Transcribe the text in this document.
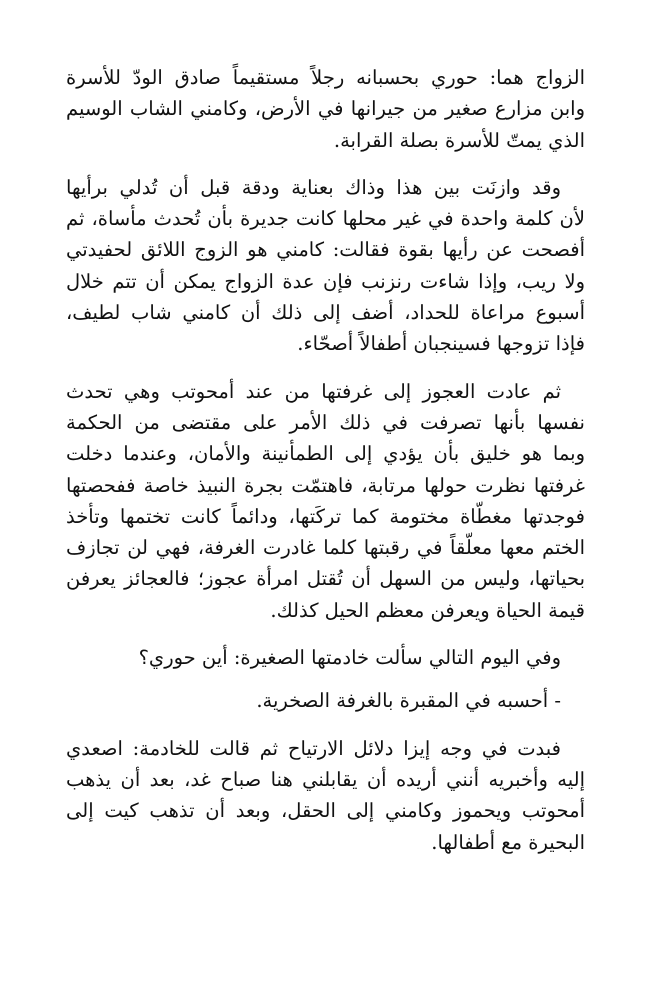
الزواج هما: حوري بحسبانه رجلاً مستقيماً صادق الودّ للأسرة
وابن مزارع صغير من جيرانها في الأرض، وكامني الشاب الوسيم
الذي يمتّ للأسرة بصلة القرابة.

وقد وازنَت بين هذا وذاك بعناية ودقة قبل أن تُدلي برأيها
لأن كلمة واحدة في غير محلها كانت جديرة بأن تُحدث مأساة، ثم
أفصحت عن رأيها بقوة فقالت: كامني هو الزوج اللائق لحفيدتي
ولا ريب، وإذا شاءت رنزنب فإن عدة الزواج يمكن أن تتم خلال
أسبوع مراعاة للحداد، أضف إلى ذلك أن كامني شاب لطيف،
فإذا تزوجها فسينجبان أطفالاً أصحّاء.

ثم عادت العجوز إلى غرفتها من عند أمحوتب وهي تحدث
نفسها بأنها تصرفت في ذلك الأمر على مقتضى من الحكمة
وبما هو خليق بأن يؤدي إلى الطمأنينة والأمان، وعندما دخلت
غرفتها نظرت حولها مرتابة، فاهتمّت بجرة النبيذ خاصة ففحصتها
فوجدتها مغطّاة مختومة كما تركَتها، ودائماً كانت تختمها وتأخذ
الختم معها معلّقاً في رقبتها كلما غادرت الغرفة، فهي لن تجازف
بحياتها، وليس من السهل أن تُقتل امرأة عجوز؛ فالعجائز يعرفن
قيمة الحياة ويعرفن معظم الحيل كذلك.

وفي اليوم التالي سألت خادمتها الصغيرة: أين حوري؟

- أحسبه في المقبرة بالغرفة الصخرية.

فبدت في وجه إيزا دلائل الارتياح ثم قالت للخادمة: اصعدي
إليه وأخبريه أنني أريده أن يقابلني هنا صباح غد، بعد أن يذهب
أمحوتب ويحموز وكامني إلى الحقل، وبعد أن تذهب كيت إلى
البحيرة مع أطفالها.
